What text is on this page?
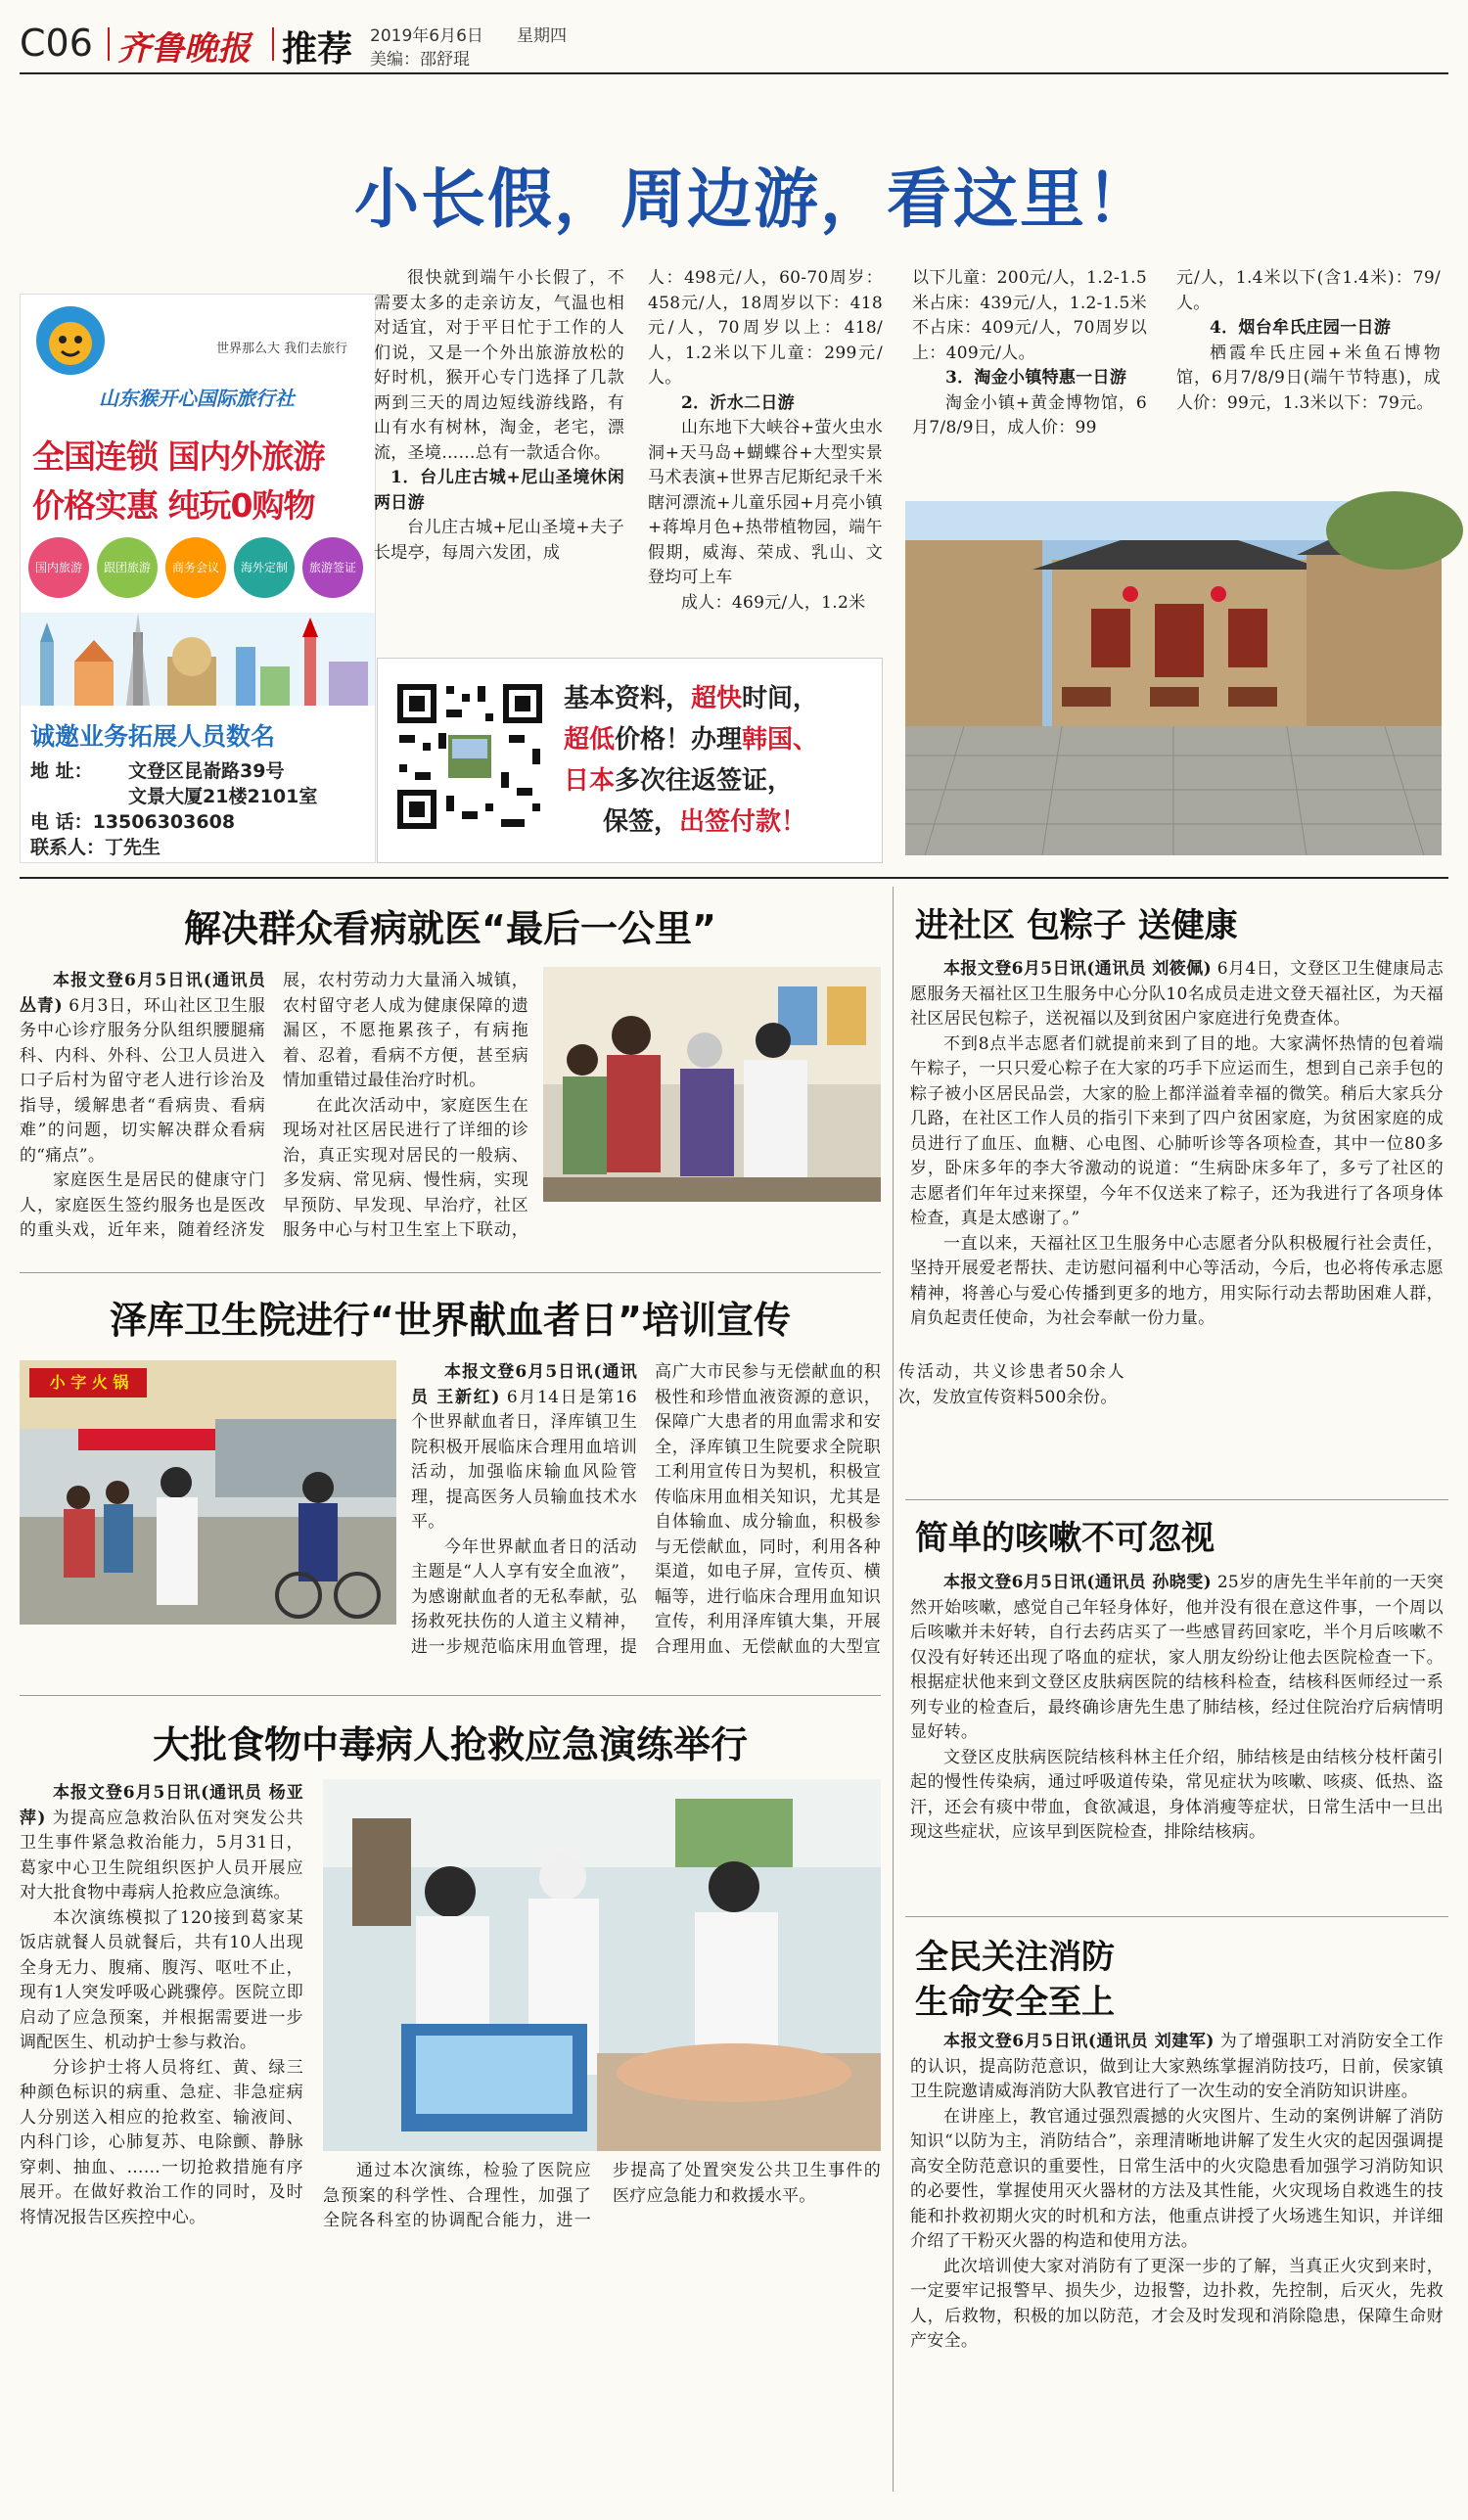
C06 齐鲁晚报 推荐 2019年6月6日 星期四
美编：邵舒琨
小长假，周边游，看这里！
世界那么大 我们去旅行
山东猴开心国际旅行社
全国连锁 国内外旅游
价格实惠 纯玩0购物
国内旅游	跟团旅游	商务会议	海外定制	旅游签证
诚邀业务拓展人员数名
地 址： 文登区昆嵛路39号
文景大厦21楼2101室
电 话：13506303608
联系人：丁先生

很快就到端午小长假了，不需要太多的走亲访友，气温也相对适宜，对于平日忙于工作的人们说，又是一个外出旅游放松的好时机，猴开心专门选择了几款两到三天的周边短线游线路，有山有水有树林，淘金，老宅，漂流，圣境……总有一款适合你。

1．台儿庄古城+尼山圣境休闲两日游

台儿庄古城+尼山圣境+夫子长堤亭，每周六发团，成

人：498元/人，60-70周岁：458元/人，18周岁以下：418元/人，70周岁以上：418/人，1.2米以下儿童：299元/人。

2．沂水二日游

山东地下大峡谷+萤火虫水洞+天马岛+蝴蝶谷+大型实景马术表演+世界吉尼斯纪录千米瞎河漂流+儿童乐园+月亮小镇+蒋埠月色+热带植物园，端午假期，威海、荣成、乳山、文登均可上车

成人：469元/人，1.2米

以下儿童：200元/人，1.2-1.5米占床：439元/人，1.2-1.5米不占床：409元/人，70周岁以上：409元/人。

3．淘金小镇特惠一日游

淘金小镇+黄金博物馆，6月7/8/9日，成人价：99

元/人，1.4米以下(含1.4米)：79/人。

4．烟台牟氏庄园一日游

栖霞牟氏庄园+米鱼石博物馆，6月7/8/9日(端午节特惠)，成人价：99元，1.3米以下：79元。

基本资料，超快时间，
超低价格！办理韩国、
日本多次往返签证，
保签，出签付款！
解决群众看病就医“最后一公里”

本报文登6月5日讯(通讯员 丛青) 6月3日，环山社区卫生服务中心诊疗服务分队组织腰腿痛科、内科、外科、公卫人员进入口子后村为留守老人进行诊治及指导，缓解患者“看病贵、看病难”的问题，切实解决群众看病的“痛点”。

家庭医生是居民的健康守门人，家庭医生签约服务也是医改的重头戏，近年来，随着经济发展，农村劳动力大量涌入城镇，农村留守老人成为健康保障的遗漏区，不愿拖累孩子，有病拖着、忍着，看病不方便，甚至病情加重错过最佳治疗时机。

在此次活动中，家庭医生在现场对社区居民进行了详细的诊治，真正实现对居民的一般病、多发病、常见病、慢性病，实现早预防、早发现、早治疗，社区服务中心与村卫生室上下联动，

泽库卫生院进行“世界献血者日”培训宣传
小 字 火 锅

本报文登6月5日讯(通讯员 王新红) 6月14日是第16个世界献血者日，泽库镇卫生院积极开展临床合理用血培训活动，加强临床输血风险管理，提高医务人员输血技术水平。

今年世界献血者日的活动主题是“人人享有安全血液”，为感谢献血者的无私奉献，弘扬救死扶伤的人道主义精神，进一步规范临床用血管理，提高广大市民参与无偿献血的积极性和珍惜血液资源的意识，保障广大患者的用血需求和安全，泽库镇卫生院要求全院职工利用宣传日为契机，积极宣传临床用血相关知识，尤其是自体输血、成分输血，积极参与无偿献血，同时，利用各种渠道，如电子屏，宣传页、横幅等，进行临床合理用血知识宣传，利用泽库镇大集，开展合理用血、无偿献血的大型宣传活动，共义诊患者50余人次，发放宣传资料500余份。

大批食物中毒病人抢救应急演练举行

本报文登6月5日讯(通讯员 杨亚萍) 为提高应急救治队伍对突发公共卫生事件紧急救治能力，5月31日，葛家中心卫生院组织医护人员开展应对大批食物中毒病人抢救应急演练。

本次演练模拟了120接到葛家某饭店就餐人员就餐后，共有10人出现全身无力、腹痛、腹泻、呕吐不止，现有1人突发呼吸心跳骤停。医院立即启动了应急预案，并根据需要进一步调配医生、机动护士参与救治。

分诊护士将人员将红、黄、绿三种颜色标识的病重、急症、非急症病人分别送入相应的抢救室、输液间、内科门诊，心肺复苏、电除颤、静脉穿刺、抽血、……一切抢救措施有序展开。在做好救治工作的同时，及时将情况报告区疾控中心。

通过本次演练，检验了医院应急预案的科学性、合理性，加强了全院各科室的协调配合能力，进一步提高了处置突发公共卫生事件的医疗应急能力和救援水平。

进社区 包粽子 送健康

本报文登6月5日讯(通讯员 刘筱佩) 6月4日，文登区卫生健康局志愿服务天福社区卫生服务中心分队10名成员走进文登天福社区，为天福社区居民包粽子，送祝福以及到贫困户家庭进行免费查体。

不到8点半志愿者们就提前来到了目的地。大家满怀热情的包着端午粽子，一只只爱心粽子在大家的巧手下应运而生，想到自己亲手包的粽子被小区居民品尝，大家的脸上都洋溢着幸福的微笑。稍后大家兵分几路，在社区工作人员的指引下来到了四户贫困家庭，为贫困家庭的成员进行了血压、血糖、心电图、心肺听诊等各项检查，其中一位80多岁，卧床多年的李大爷激动的说道：“生病卧床多年了，多亏了社区的志愿者们年年过来探望，今年不仅送来了粽子，还为我进行了各项身体检查，真是太感谢了。”

一直以来，天福社区卫生服务中心志愿者分队积极履行社会责任，坚持开展爱老帮扶、走访慰问福利中心等活动，今后，也必将传承志愿精神，将善心与爱心传播到更多的地方，用实际行动去帮助困难人群，肩负起责任使命，为社会奉献一份力量。

简单的咳嗽不可忽视

本报文登6月5日讯(通讯员 孙晓雯) 25岁的唐先生半年前的一天突然开始咳嗽，感觉自己年轻身体好，他并没有很在意这件事，一个周以后咳嗽并未好转，自行去药店买了一些感冒药回家吃，半个月后咳嗽不仅没有好转还出现了咯血的症状，家人朋友纷纷让他去医院检查一下。根据症状他来到文登区皮肤病医院的结核科检查，结核科医师经过一系列专业的检查后，最终确诊唐先生患了肺结核，经过住院治疗后病情明显好转。

文登区皮肤病医院结核科林主任介绍，肺结核是由结核分枝杆菌引起的慢性传染病，通过呼吸道传染，常见症状为咳嗽、咳痰、低热、盗汗，还会有痰中带血，食欲减退，身体消瘦等症状，日常生活中一旦出现这些症状，应该早到医院检查，排除结核病。

全民关注消防
生命安全至上

本报文登6月5日讯(通讯员 刘建军) 为了增强职工对消防安全工作的认识，提高防范意识，做到让大家熟练掌握消防技巧，日前，侯家镇卫生院邀请威海消防大队教官进行了一次生动的安全消防知识讲座。

在讲座上，教官通过强烈震撼的火灾图片、生动的案例讲解了消防知识“以防为主，消防结合”，亲理清晰地讲解了发生火灾的起因强调提高安全防范意识的重要性，日常生活中的火灾隐患看加强学习消防知识的必要性，掌握使用灭火器材的方法及其性能，火灾现场自救逃生的技能和扑救初期火灾的时机和方法，他重点讲授了火场逃生知识，并详细介绍了干粉灭火器的构造和使用方法。

此次培训使大家对消防有了更深一步的了解，当真正火灾到来时，一定要牢记报警早、损失少，边报警，边扑救，先控制，后灭火，先救人，后救物，积极的加以防范，才会及时发现和消除隐患，保障生命财产安全。
